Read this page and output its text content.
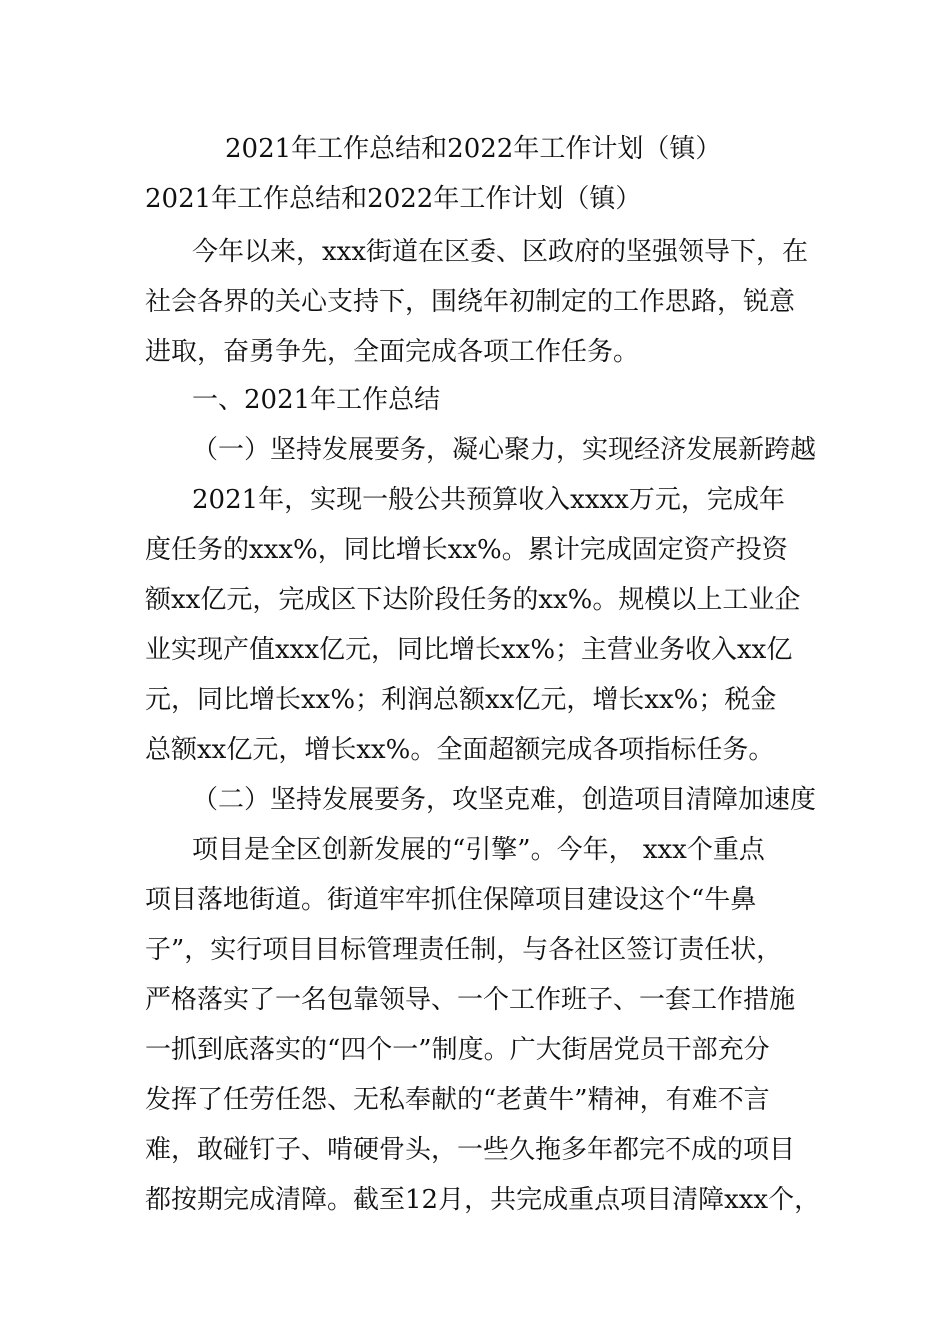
2021年工作总结和2022年工作计划（镇）
2021年工作总结和2022年工作计划（镇）
今年以来，xxx街道在区委、区政府的坚强领导下，在
社会各界的关心支持下，围绕年初制定的工作思路，锐意
进取，奋勇争先，全面完成各项工作任务。
一、2021年工作总结
（一）坚持发展要务，凝心聚力，实现经济发展新跨越
2021年，实现一般公共预算收入xxxx万元，完成年
度任务的xxx%，同比增长xx%。累计完成固定资产投资
额xx亿元，完成区下达阶段任务的xx%。规模以上工业企
业实现产值xxx亿元，同比增长xx%；主营业务收入xx亿
元，同比增长xx%；利润总额xx亿元，增长xx%；税金
总额xx亿元，增长xx%。全面超额完成各项指标任务。
（二）坚持发展要务，攻坚克难，创造项目清障加速度
项目是全区创新发展的“引擎”。今年， xxx个重点
项目落地街道。街道牢牢抓住保障项目建设这个“牛鼻
子”，实行项目目标管理责任制，与各社区签订责任状，
严格落实了一名包靠领导、一个工作班子、一套工作措施
一抓到底落实的“四个一”制度。广大街居党员干部充分
发挥了任劳任怨、无私奉献的“老黄牛”精神，有难不言
难，敢碰钉子、啃硬骨头，一些久拖多年都完不成的项目
都按期完成清障。截至12月，共完成重点项目清障xxx个，
